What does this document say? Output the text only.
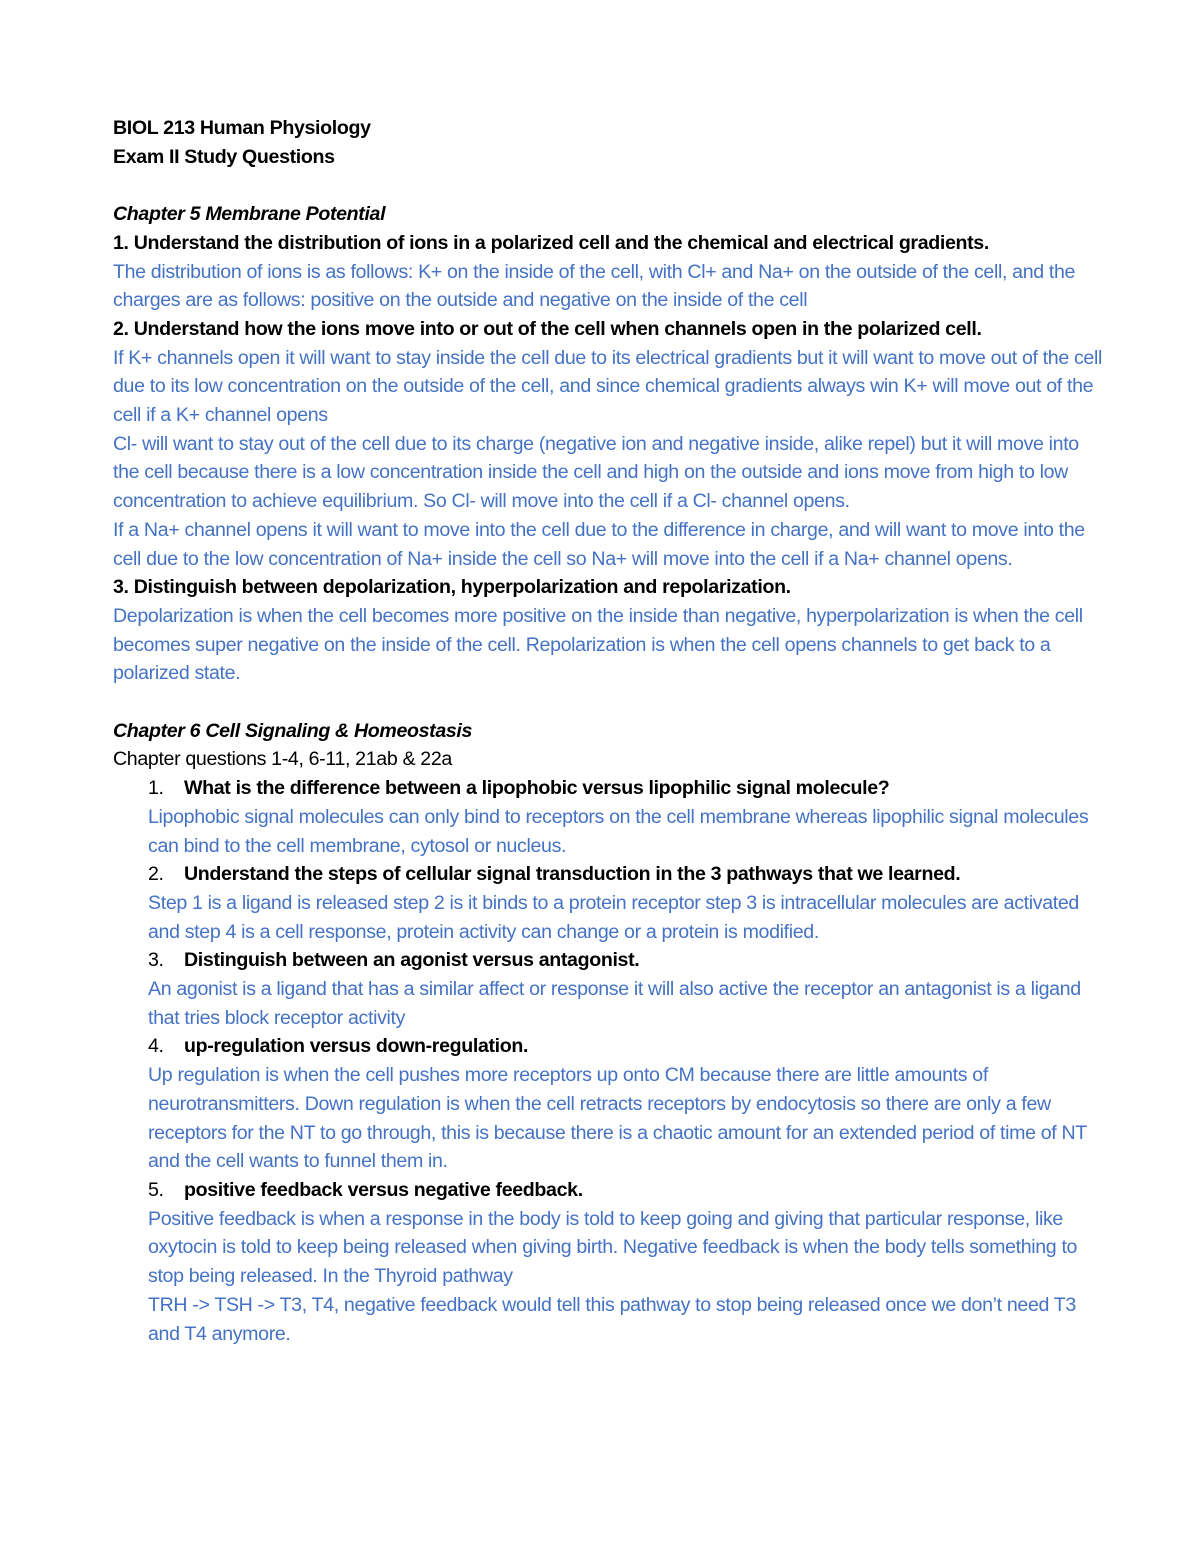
BIOL 213 Human Physiology

Exam II Study Questions

Chapter 5 Membrane Potential

1. Understand the distribution of ions in a polarized cell and the chemical and electrical gradients.

The distribution of ions is as follows: K+ on the inside of the cell, with Cl+ and Na+ on the outside of the cell, and the charges are as follows: positive on the outside and negative on the inside of the cell

2. Understand how the ions move into or out of the cell when channels open in the polarized cell.

If K+ channels open it will want to stay inside the cell due to its electrical gradients but it will want to move out of the cell due to its low concentration on the outside of the cell, and since chemical gradients always win K+ will move out of the cell if a K+ channel opens

Cl- will want to stay out of the cell due to its charge (negative ion and negative inside, alike repel) but it will move into the cell because there is a low concentration inside the cell and high on the outside and ions move from high to low concentration to achieve equilibrium. So Cl- will move into the cell if a Cl- channel opens.

If a Na+ channel opens it will want to move into the cell due to the difference in charge, and will want to move into the cell due to the low concentration of Na+ inside the cell so Na+ will move into the cell if a Na+ channel opens.

3. Distinguish between depolarization, hyperpolarization and repolarization.

Depolarization is when the cell becomes more positive on the inside than negative, hyperpolarization is when the cell becomes super negative on the inside of the cell. Repolarization is when the cell opens channels to get back to a polarized state.

Chapter 6 Cell Signaling & Homeostasis

Chapter questions 1-4, 6-11, 21ab & 22a

1.	What is the difference between a lipophobic versus lipophilic signal molecule?
Lipophobic signal molecules can only bind to receptors on the cell membrane whereas lipophilic signal molecules can bind to the cell membrane, cytosol or nucleus.
2.	Understand the steps of cellular signal transduction in the 3 pathways that we learned.
Step 1 is a ligand is released step 2 is it binds to a protein receptor step 3 is intracellular molecules are activated and step 4 is a cell response, protein activity can change or a protein is modified.
3.	Distinguish between an agonist versus antagonist.
An agonist is a ligand that has a similar affect or response it will also active the receptor an antagonist is a ligand that tries block receptor activity
4.	up-regulation versus down-regulation.
Up regulation is when the cell pushes more receptors up onto CM because there are little amounts of neurotransmitters. Down regulation is when the cell retracts receptors by endocytosis so there are only a few receptors for the NT to go through, this is because there is a chaotic amount for an extended period of time of NT and the cell wants to funnel them in.
5.	positive feedback versus negative feedback.
Positive feedback is when a response in the body is told to keep going and giving that particular response, like oxytocin is told to keep being released when giving birth. Negative feedback is when the body tells something to stop being released. In the Thyroid pathway
TRH -> TSH -> T3, T4, negative feedback would tell this pathway to stop being released once we don’t need T3 and T4 anymore.
